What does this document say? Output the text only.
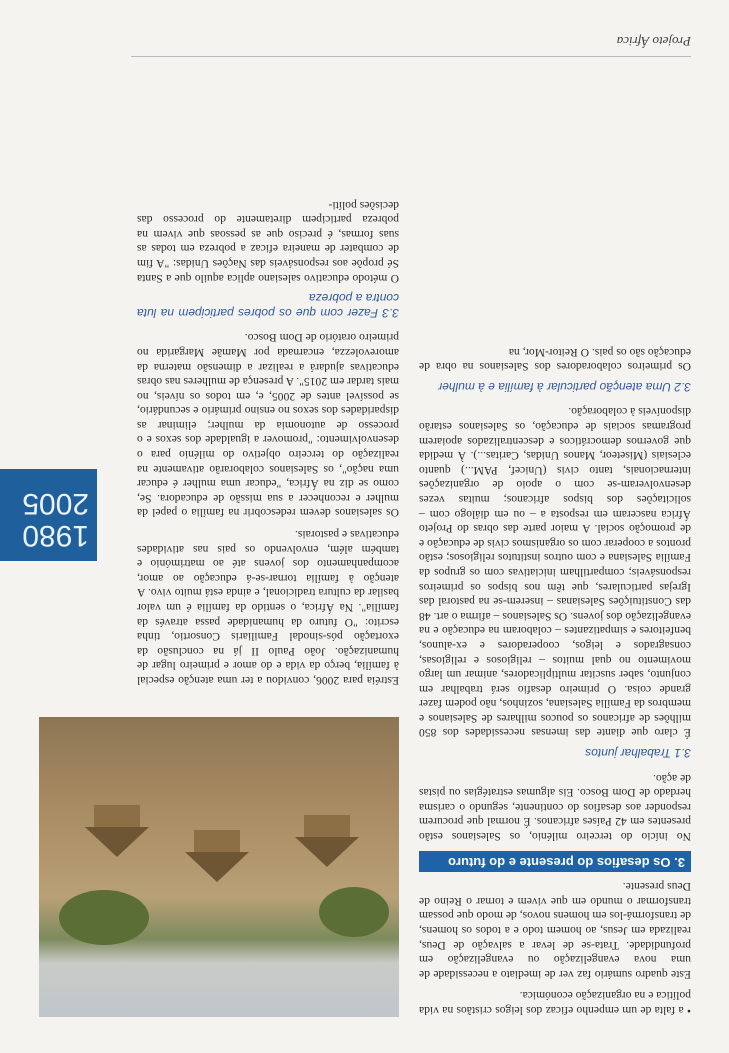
• a falta de um empenho eficaz dos leigos cristãos na vida política e na organização económica.

Este quadro sumário faz ver de imediato a necessidade de uma nova evangelização ou evangelização em profundidade. Trata-se de levar a salvação de Deus, realizada em Jesus, ao homem todo e a todos os homens, de transformá-los em homens novos, de modo que possam transformar o mundo em que vivem e tornar o Reino de Deus presente.

3. Os desafios do presente e do futuro

No início do terceiro milénio, os Salesianos estão presentes em 42 Países africanos. É normal que procurem responder aos desafios do continente, segundo o carisma herdado de Dom Bosco. Eis algumas estratégias ou pistas de ação.

3.1 Trabalhar juntos

É claro que diante das imensas necessidades dos 850 milhões de africanos os poucos milhares de Salesianos e membros da Família Salesiana, sozinhos, não podem fazer grande coisa. O primeiro desafio será trabalhar em conjunto, saber suscitar multiplicadores, animar um largo movimento no qual muitos – religiosos e religiosas, consagrados e leigos, cooperadores e ex-alunos, benfeitores e simpatizantes – colaboram na educação e na evangelização dos jovens. Os Salesianos – afirma o art. 48 das Constituições Salesianas – inserem-se na pastoral das Igrejas particulares, que têm nos bispos os primeiros responsáveis; compartilham iniciativas com os grupos da Família Salesiana e com outros institutos religiosos; estão prontos a cooperar com os organismos civis de educação e de promoção social. A maior parte das obras do Projeto África nasceram em resposta a – ou em diálogo com – solicitações dos bispos africanos; muitas vezes desenvolveram-se com o apoio de organizações internacionais, tanto civis (Unicef, PAM...) quanto eclesiais (Miseteor, Manos Unidas, Caritas...). À medida que governos democráticos e descentralizados apoiarem programas sociais de educação, os Salesianos estarão disponíveis à colaboração.

3.2 Uma atenção particular à família e à mulher

Os primeiros colaboradores dos Salesianos na obra de educação são os pais. O Reitor-Mor, na

Estréia para 2006, convidou a ter uma atenção especial à família, berço da vida e do amor e primeiro lugar de humanização. João Paulo II já na conclusão da exortação pós-sinodal Familiaris Consortio, tinha escrito: "O futuro da humanidade passa através da família". Na África, o sentido da família é um valor basilar da cultura tradicional, e ainda está muito vivo. A atenção à família tornar-se-á educação ao amor, acompanhamento dos jovens até ao matrimónio e também além, envolvendo os pais nas atividades educativas e pastorais.

Os salesianos devem redescobrir na família o papel da mulher e reconhecer a sua missão de educadora. Se, como se diz na África, "educar uma mulher é educar uma nação", os Salesianos colaborarão ativamente na realização do terceiro objetivo do milénio para o desenvolvimento: "promover a igualdade dos sexos e o processo de autonomia da mulher; eliminar as disparidades dos sexos no ensino primário e secundário, se possível antes de 2005, e, em todos os níveis, no mais tardar em 2015". A presença de mulheres nas obras educativas ajudará a realizar a dimensão materna da amorevolezza, encarnada por Mamãe Margarida no primeiro oratório de Dom Bosco.

3.3 Fazer com que os pobres participem na luta contra a pobreza

O método educativo salesiano aplica aquilo que a Santa Sé propõe aos responsáveis das Nações Unidas: "A fim de combater de maneira eficaz a pobreza em todas as suas formas, é preciso que as pessoas que vivem na pobreza participem diretamente do processo das decisões políti-

1980
2005
Projeto África
